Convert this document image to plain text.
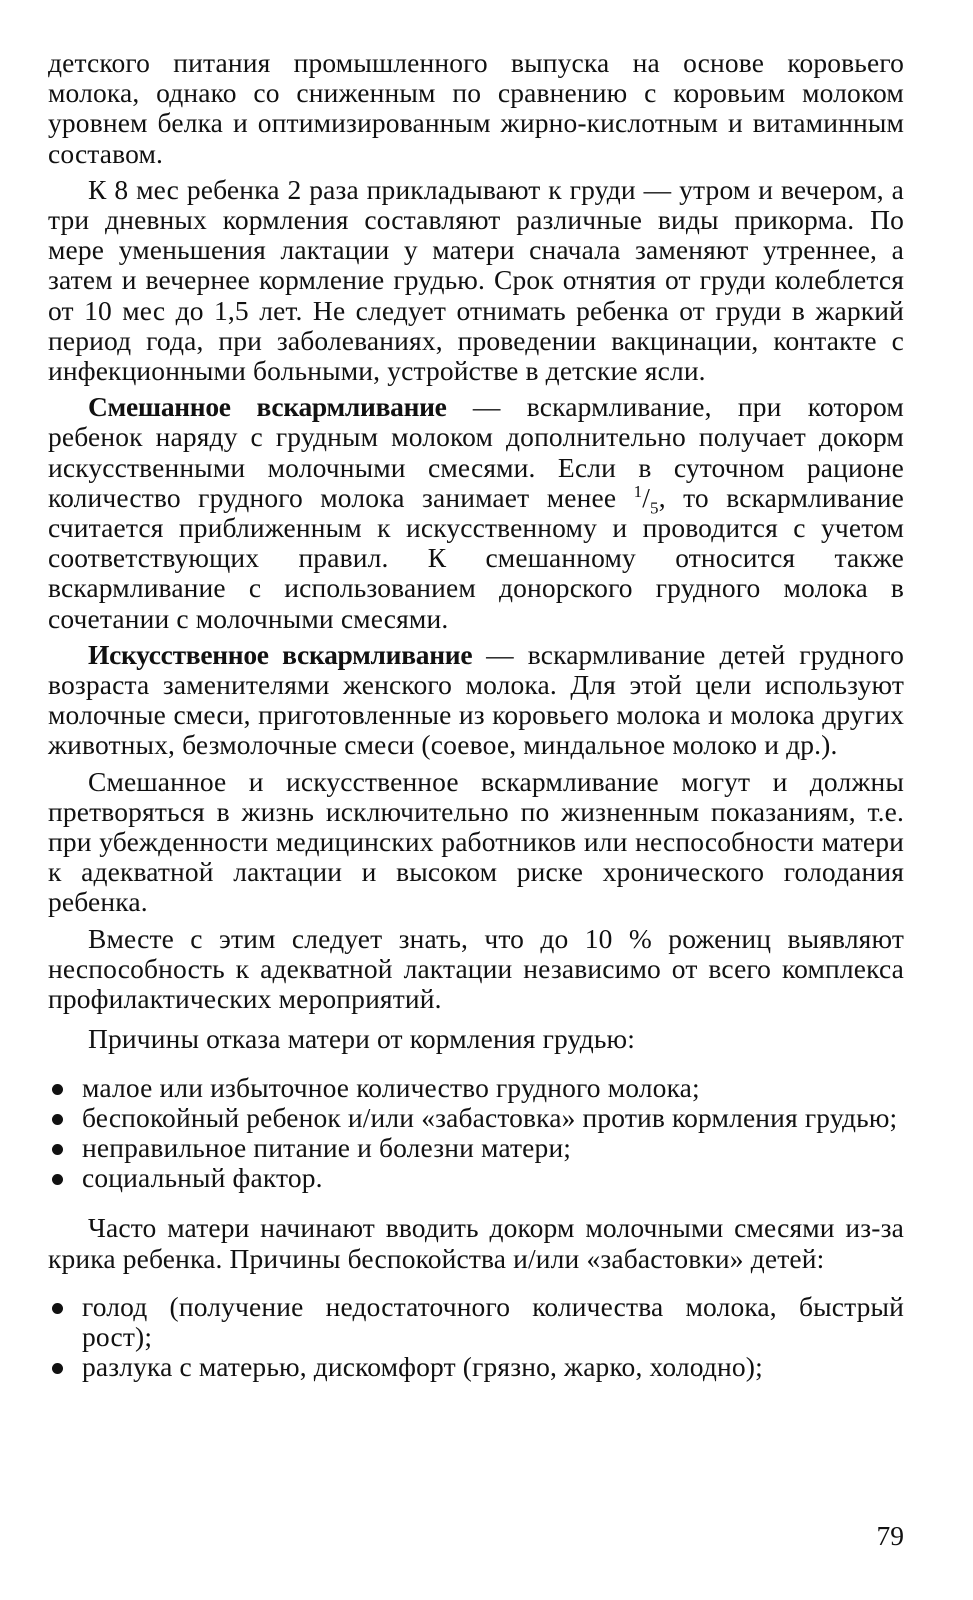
детского питания промышленного выпуска на основе коровьего молока, однако со сниженным по сравнению с коровьим молоком уровнем белка и оптимизированным жирно-кислотным и витаминным составом.

К 8 мес ребенка 2 раза прикладывают к груди — утром и вечером, а три дневных кормления составляют различные виды прикорма. По мере уменьшения лактации у матери сначала заменяют утреннее, а затем и вечернее кормление грудью. Срок отнятия от груди колеблется от 10 мес до 1,5 лет. Не следует отнимать ребенка от груди в жаркий период года, при заболеваниях, проведении вакцинации, контакте с инфекционными больными, устройстве в детские ясли.

Смешанное вскармливание — вскармливание, при котором ребенок наряду с грудным молоком дополнительно получает докорм искусственными молочными смесями. Если в суточном рационе количество грудного молока занимает менее $^1/_5$, то вскармливание считается приближенным к искусственному и проводится с учетом соответствующих правил. К смешанному относится также вскармливание с использованием донорского грудного молока в сочетании с молочными смесями.

Искусственное вскармливание — вскармливание детей грудного возраста заменителями женского молока. Для этой цели используют молочные смеси, приготовленные из коровьего молока и молока других животных, безмолочные смеси (соевое, миндальное молоко и др.).

Смешанное и искусственное вскармливание могут и должны претворяться в жизнь исключительно по жизненным показаниям, т.е. при убежденности медицинских работников или неспособности матери к адекватной лактации и высоком риске хронического голодания ребенка.

Вместе с этим следует знать, что до 10 % рожениц выявляют неспособность к адекватной лактации независимо от всего комплекса профилактических мероприятий.

Причины отказа матери от кормления грудью:

малое или избыточное количество грудного молока;
беспокойный ребенок и/или «забастовка» против кормления грудью;
неправильное питание и болезни матери;
социальный фактор.

Часто матери начинают вводить докорм молочными смесями из-за крика ребенка. Причины беспокойства и/или «забастовки» детей:

голод (получение недостаточного количества молока, быстрый рост);
разлука с матерью, дискомфорт (грязно, жарко, холодно);
79
